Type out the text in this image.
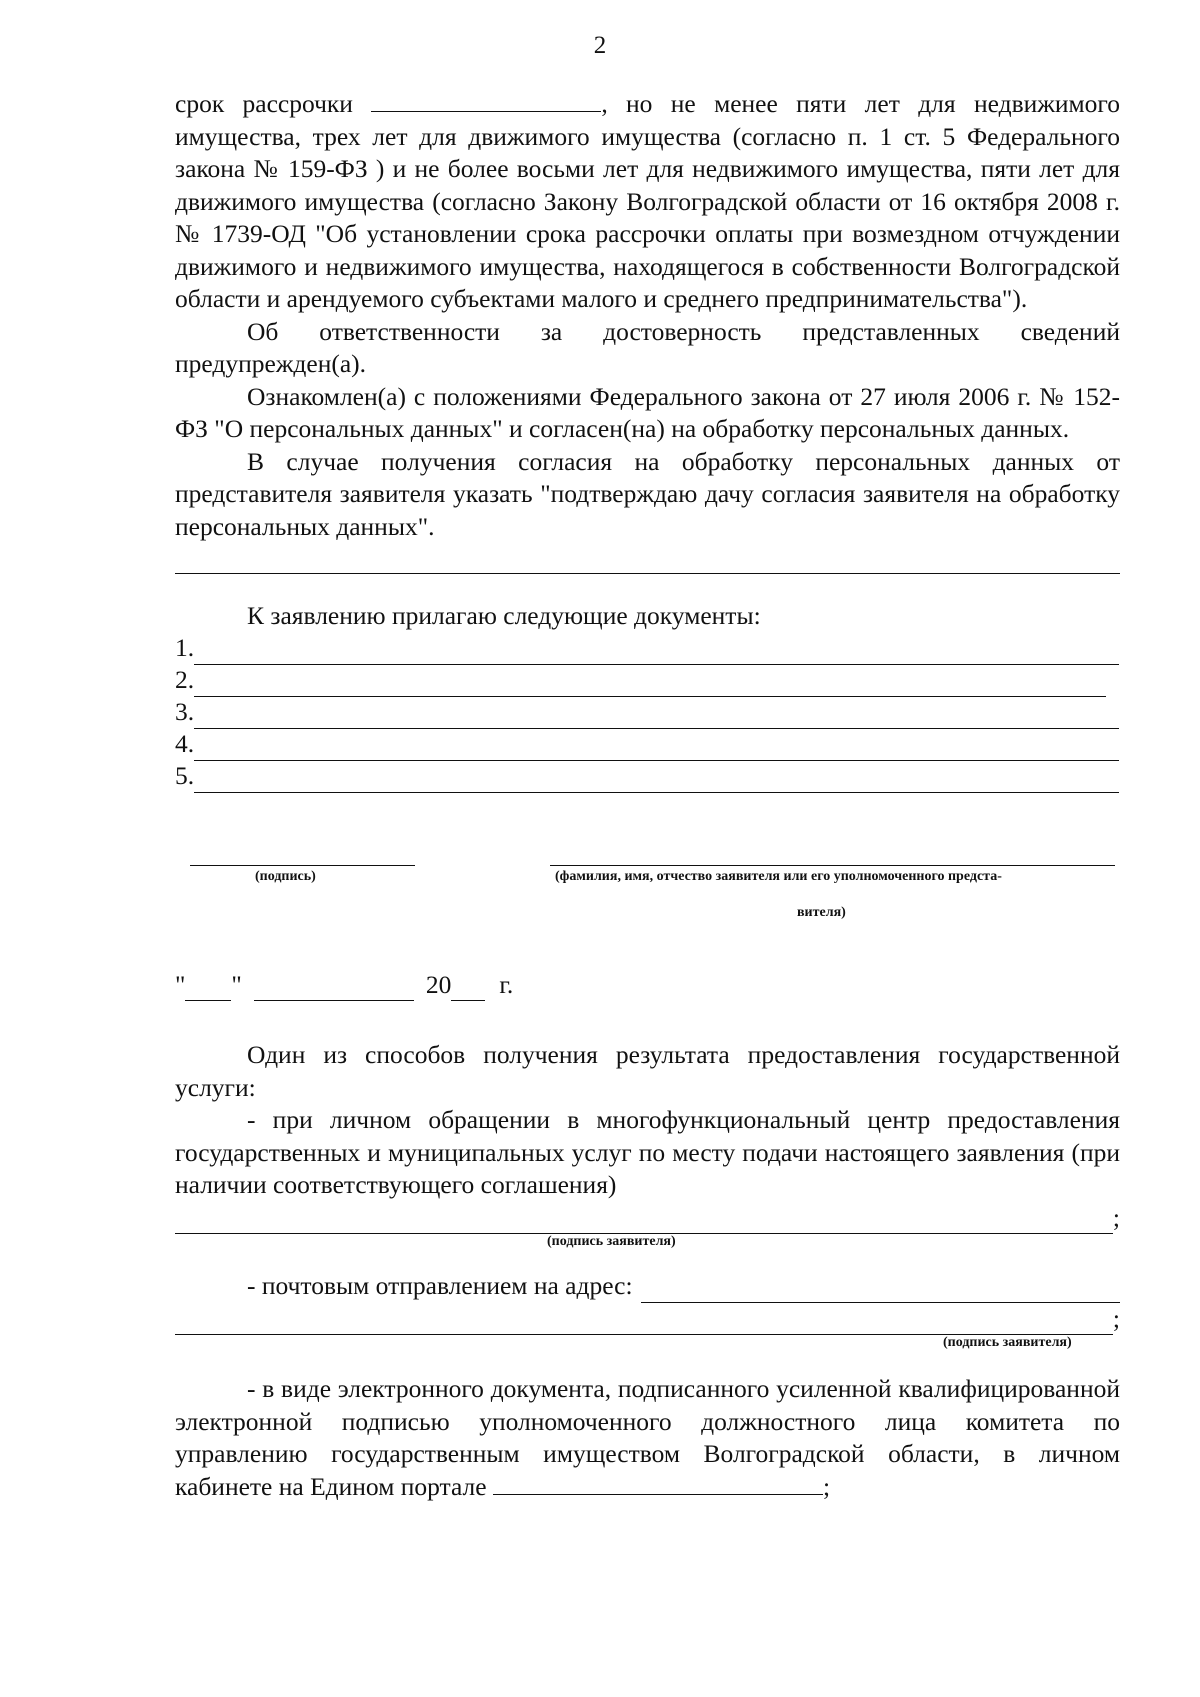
2

срок рассрочки	, но не менее пяти лет для недвижимого

имущества, трех лет для движимого имущества (согласно п. 1 ст. 5 Федерального закона № 159-ФЗ ) и не более восьми лет для недвижимого имущества, пяти лет для движимого имущества (согласно Закону Волгоградской области от 16 октября 2008 г. № 1739-ОД "Об установлении срока рассрочки оплаты при возмездном отчуждении движимого и недвижимого имущества, находящегося в собственности Волгоградской области и арендуемого субъектами малого и среднего предпринимательства").

Об ответственности за достоверность представленных сведений предупрежден(а).

Ознакомлен(а) с положениями Федерального закона от 27 июля 2006 г. № 152-ФЗ "О персональных данных" и согласен(на) на обработку персональных данных.

В случае получения согласия на обработку персональных данных от представителя заявителя указать "подтверждаю дачу согласия заявителя на обработку персональных данных".

К заявлению прилагаю следующие документы:
1.
2.
3.
4.
5.
(подпись)	(фамилия, имя, отчество заявителя или его уполномоченного предста-
вителя)
" "	20 г.

Один из способов получения результата предоставления государственной услуги:

- при личном обращении в многофункциональный центр предоставления государственных и муниципальных услуг по месту подачи настоящего заявления (при наличии соответствующего соглашения)

;
(подпись заявителя)
- почтовым отправлением на адрес:
;
(подпись заявителя)

- в виде электронного документа, подписанного усиленной квалифицированной электронной подписью уполномоченного должностного лица комитета по управлению государственным имуществом Волгоградской области, в личном кабинете на Едином портале	;
